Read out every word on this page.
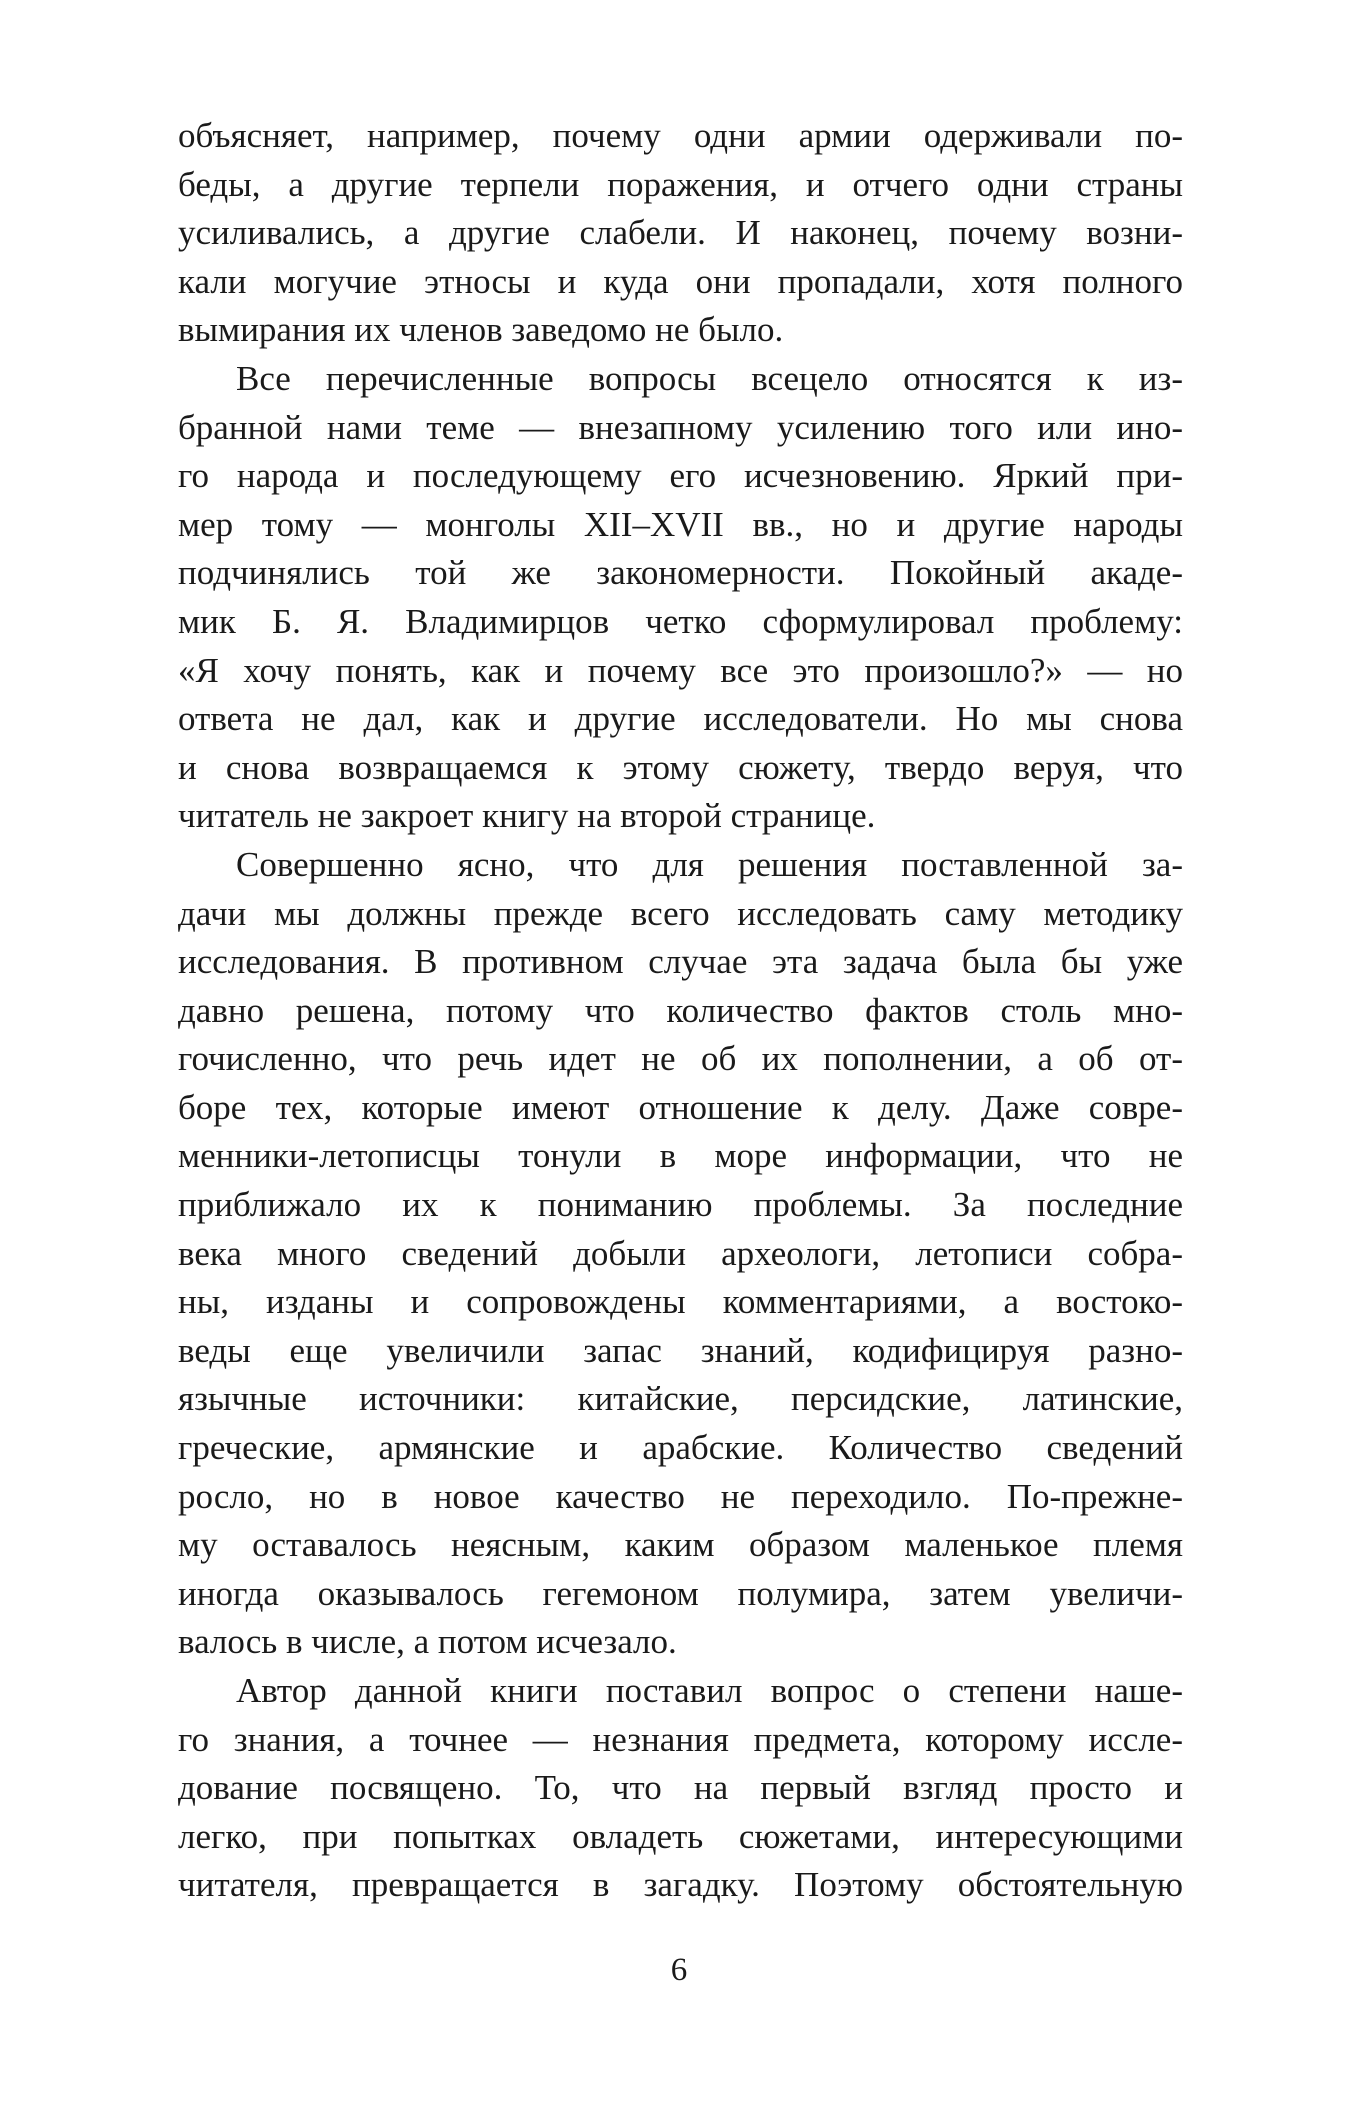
объясняет, например, почему одни армии одерживали по-
беды, а другие терпели поражения, и отчего одни страны
усиливались, а другие слабели. И наконец, почему возни-
кали могучие этносы и куда они пропадали, хотя полного
вымирания их членов заведомо не было.
Все перечисленные вопросы всецело относятся к из-
бранной нами теме — внезапному усилению того или ино-
го народа и последующему его исчезновению. Яркий при-
мер тому — монголы XII–XVII вв., но и другие народы
подчинялись той же закономерности. Покойный акаде-
мик Б. Я. Владимирцов четко сформулировал проблему:
«Я хочу понять, как и почему все это произошло?» — но
ответа не дал, как и другие исследователи. Но мы снова
и снова возвращаемся к этому сюжету, твердо веруя, что
читатель не закроет книгу на второй странице.
Совершенно ясно, что для решения поставленной за-
дачи мы должны прежде всего исследовать саму методику
исследования. В противном случае эта задача была бы уже
давно решена, потому что количество фактов столь мно-
гочисленно, что речь идет не об их пополнении, а об от-
боре тех, которые имеют отношение к делу. Даже совре-
менники-летописцы тонули в море информации, что не
приближало их к пониманию проблемы. За последние
века много сведений добыли археологи, летописи собра-
ны, изданы и сопровождены комментариями, а востоко-
веды еще увеличили запас знаний, кодифицируя разно-
язычные источники: китайские, персидские, латинские,
греческие, армянские и арабские. Количество сведений
росло, но в новое качество не переходило. По-прежне-
му оставалось неясным, каким образом маленькое племя
иногда оказывалось гегемоном полумира, затем увеличи-
валось в числе, а потом исчезало.
Автор данной книги поставил вопрос о степени наше-
го знания, а точнее — незнания предмета, которому иссле-
дование посвящено. То, что на первый взгляд просто и
легко, при попытках овладеть сюжетами, интересующими
читателя, превращается в загадку. Поэтому обстоятельную
6
